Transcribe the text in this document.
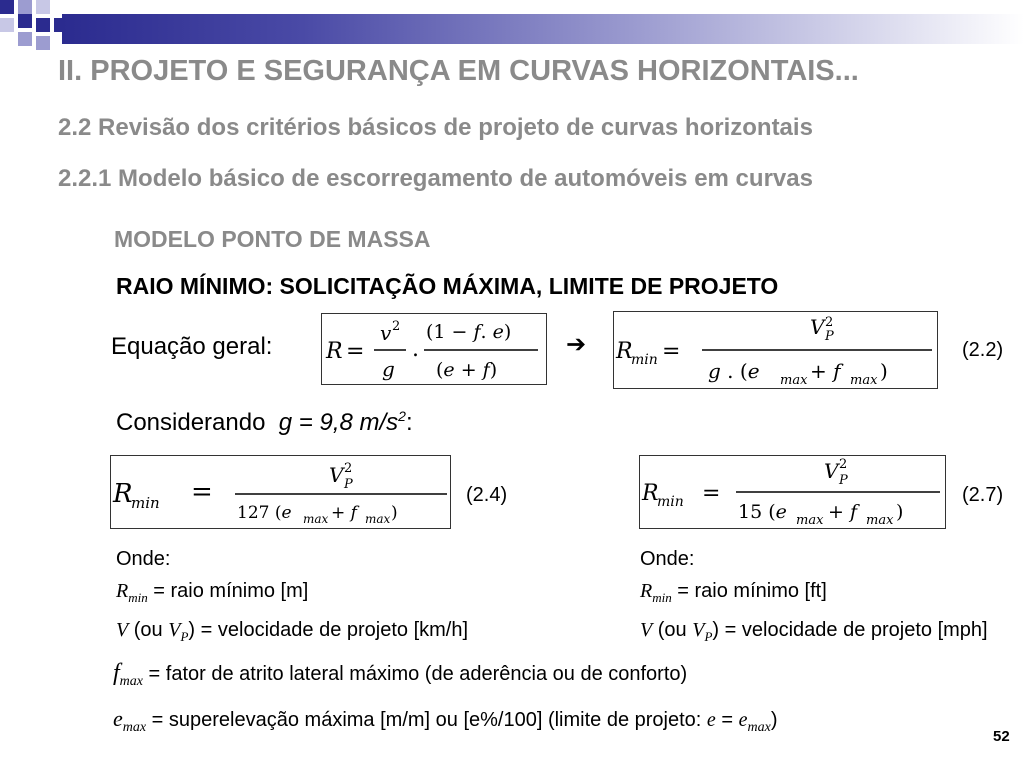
II. PROJETO E SEGURANÇA EM CURVAS HORIZONTAIS...
2.2 Revisão dos critérios básicos de projeto de curvas horizontais
2.2.1 Modelo básico de escorregamento de automóveis em curvas
MODELO PONTO DE MASSA
RAIO MÍNIMO: SOLICITAÇÃO MÁXIMA, LIMITE DE PROJETO
Equação geral: R =
v 2
g
.
(1 − f. e)
(e + f)
➔ R
min =
V P
2
g . (e max + f max )
(2.2)
Considerando g = 9,8 $m/s^2$:
R
min =
V P
2
127 (e max + f max )
(2.4)	R
min =
V P
2
15 (e max + f max )
(2.7)
Onde:
$R_{min}$ = raio mínimo [m]
V (ou $V_P$) = velocidade de projeto [km/h]
Onde:
$R_{min}$ = raio mínimo [ft]
V (ou $V_P$) = velocidade de projeto [mph]
$f_{max}$ = fator de atrito lateral máximo (de aderência ou de conforto)
$e_{max}$ = superelevação máxima [m/m] ou [e%/100] (limite de projeto: $e = e_{max}$)
52
